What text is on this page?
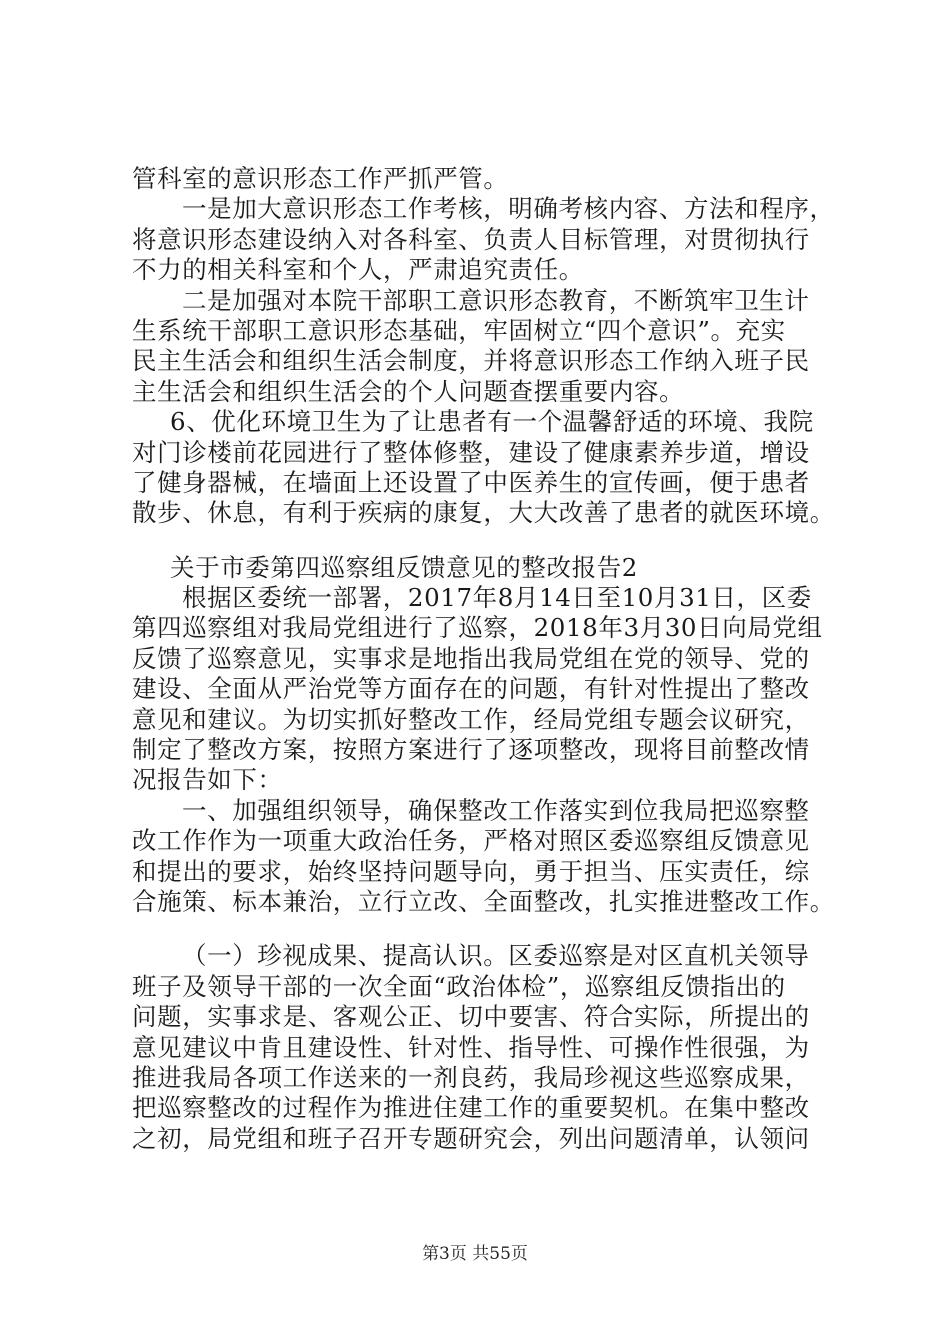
管科室的意识形态工作严抓严管。
一是加大意识形态工作考核，明确考核内容、方法和程序，
将意识形态建设纳入对各科室、负责人目标管理，对贯彻执行
不力的相关科室和个人，严肃追究责任。
二是加强对本院干部职工意识形态教育，不断筑牢卫生计
生系统干部职工意识形态基础，牢固树立“四个意识”。充实
民主生活会和组织生活会制度，并将意识形态工作纳入班子民
主生活会和组织生活会的个人问题查摆重要内容。
6、优化环境卫生为了让患者有一个温馨舒适的环境、我院
对门诊楼前花园进行了整体修整，建设了健康素养步道，增设
了健身器械，在墙面上还设置了中医养生的宣传画，便于患者
散步、休息，有利于疾病的康复，大大改善了患者的就医环境。
关于市委第四巡察组反馈意见的整改报告2
根据区委统一部署，2017年8月14日至10月31日，区委
第四巡察组对我局党组进行了巡察，2018年3月30日向局党组
反馈了巡察意见，实事求是地指出我局党组在党的领导、党的
建设、全面从严治党等方面存在的问题，有针对性提出了整改
意见和建议。为切实抓好整改工作，经局党组专题会议研究，
制定了整改方案，按照方案进行了逐项整改，现将目前整改情
况报告如下：
一、加强组织领导，确保整改工作落实到位我局把巡察整
改工作作为一项重大政治任务，严格对照区委巡察组反馈意见
和提出的要求，始终坚持问题导向，勇于担当、压实责任，综
合施策、标本兼治，立行立改、全面整改，扎实推进整改工作。
（一）珍视成果、提高认识。区委巡察是对区直机关领导
班子及领导干部的一次全面“政治体检”，巡察组反馈指出的
问题，实事求是、客观公正、切中要害、符合实际，所提出的
意见建议中肯且建设性、针对性、指导性、可操作性很强，为
推进我局各项工作送来的一剂良药，我局珍视这些巡察成果，
把巡察整改的过程作为推进住建工作的重要契机。在集中整改
之初，局党组和班子召开专题研究会，列出问题清单，认领问
第3页 共55页
